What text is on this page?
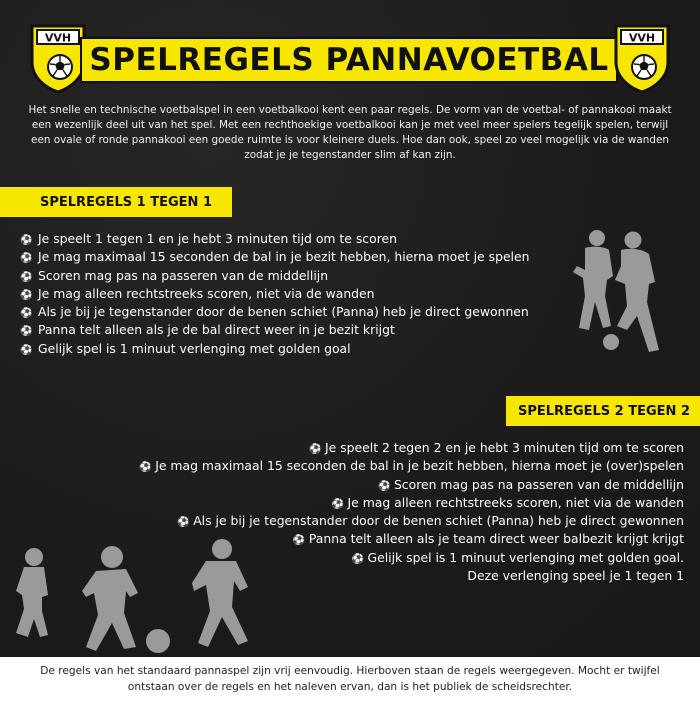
VVH
SPELREGELS PANNAVOETBAL
VVH

Het snelle en technische voetbalspel in een voetbalkooi kent een paar regels. De vorm van de voetbal- of pannakooi maakt een wezenlijk deel uit van het spel. Met een rechthoekige voetbalkooi kan je met veel meer spelers tegelijk spelen, terwijl een ovale of ronde pannakooi een goede ruimte is voor kleinere duels. Hoe dan ook, speel zo veel mogelijk via de wanden zodat je je tegenstander slim af kan zijn.

SPELREGELS 1 TEGEN 1
⚽ Je speelt 1 tegen 1 en je hebt 3 minuten tijd om te scoren
⚽ Je mag maximaal 15 seconden de bal in je bezit hebben, hierna moet je spelen
⚽ Scoren mag pas na passeren van de middellijn
⚽ Je mag alleen rechtstreeks scoren, niet via de wanden
⚽ Als je bij je tegenstander door de benen schiet (Panna) heb je direct gewonnen
⚽ Panna telt alleen als je de bal direct weer in je bezit krijgt
⚽ Gelijk spel is 1 minuut verlenging met golden goal
SPELREGELS 2 TEGEN 2
⚽ Je speelt 2 tegen 2 en je hebt 3 minuten tijd om te scoren
⚽ Je mag maximaal 15 seconden de bal in je bezit hebben, hierna moet je (over)spelen
⚽ Scoren mag pas na passeren van de middellijn
⚽ Je mag alleen rechtstreeks scoren, niet via de wanden
⚽ Als je bij je tegenstander door de benen schiet (Panna) heb je direct gewonnen
⚽ Panna telt alleen als je team direct weer balbezit krijgt krijgt
⚽ Gelijk spel is 1 minuut verlenging met golden goal.
Deze verlenging speel je 1 tegen 1
De regels van het standaard pannaspel zijn vrij eenvoudig. Hierboven staan de regels weergegeven. Mocht er twijfel
ontstaan over de regels en het naleven ervan, dan is het publiek de scheidsrechter.
